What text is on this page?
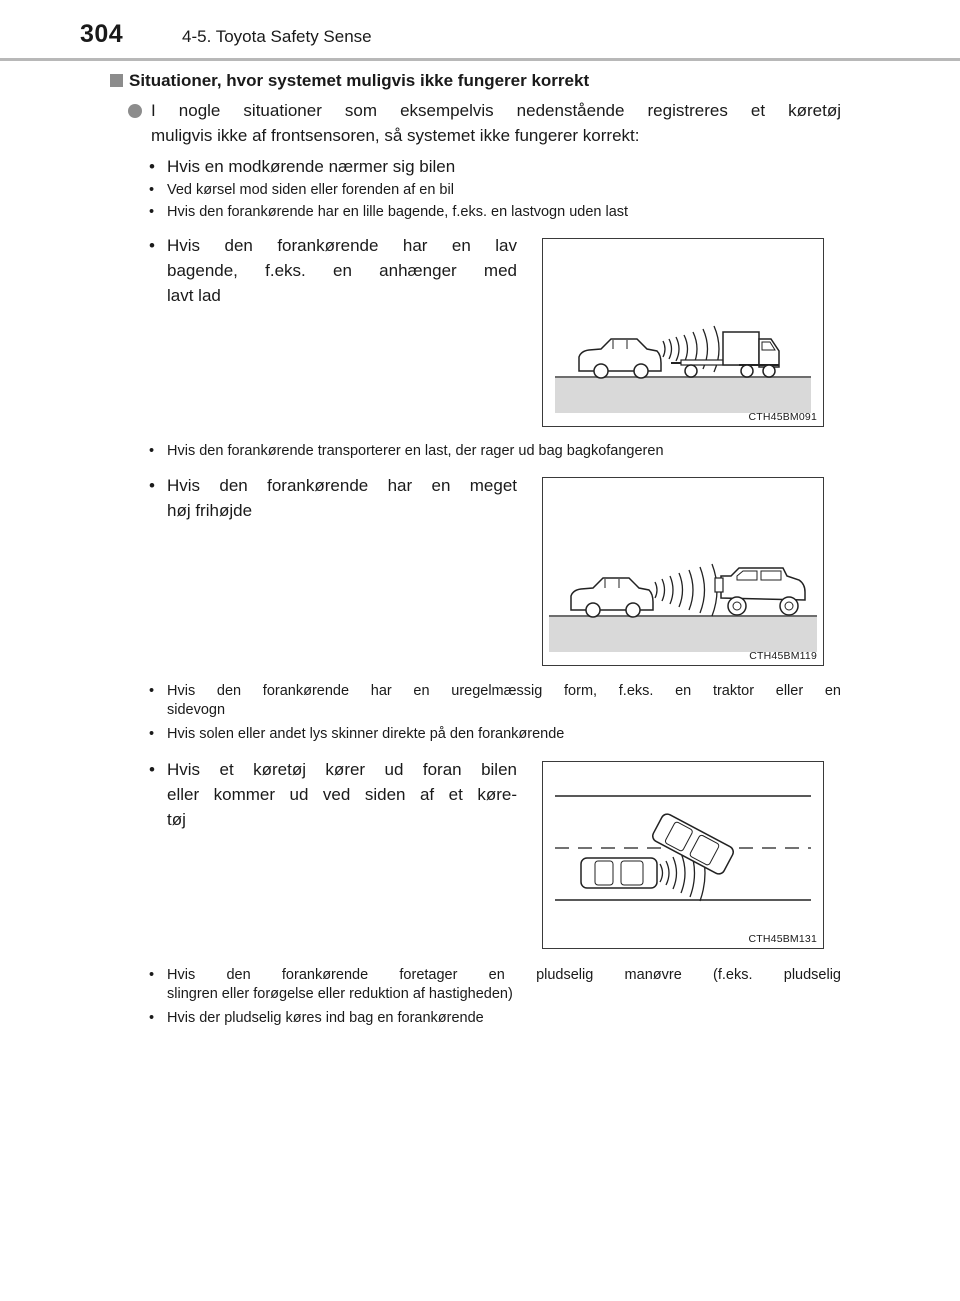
304	4-5. Toyota Safety Sense
Situationer, hvor systemet muligvis ikke fungerer korrekt
I nogle situationer som eksempelvis nedenstående registreres et køretøj
muligvis ikke af frontsensoren, så systemet ikke fungerer korrekt:
• Hvis en modkørende nærmer sig bilen
• Ved kørsel mod siden eller forenden af en bil
• Hvis den forankørende har en lille bagende, f.eks. en lastvogn uden last
• Hvis den forankørende har en lav
bagende, f.eks. en anhænger med
lavt lad
CTH45BM091
• Hvis den forankørende transporterer en last, der rager ud bag bagkofangeren
• Hvis den forankørende har en meget
høj frihøjde
CTH45BM119
• Hvis den forankørende har en uregelmæssig form, f.eks. en traktor eller en
sidevogn
• Hvis solen eller andet lys skinner direkte på den forankørende
• Hvis et køretøj kører ud foran bilen
eller kommer ud ved siden af et køre-
tøj
CTH45BM131
• Hvis den forankørende foretager en pludselig manøvre (f.eks. pludselig
slingren eller forøgelse eller reduktion af hastigheden)
• Hvis der pludselig køres ind bag en forankørende
